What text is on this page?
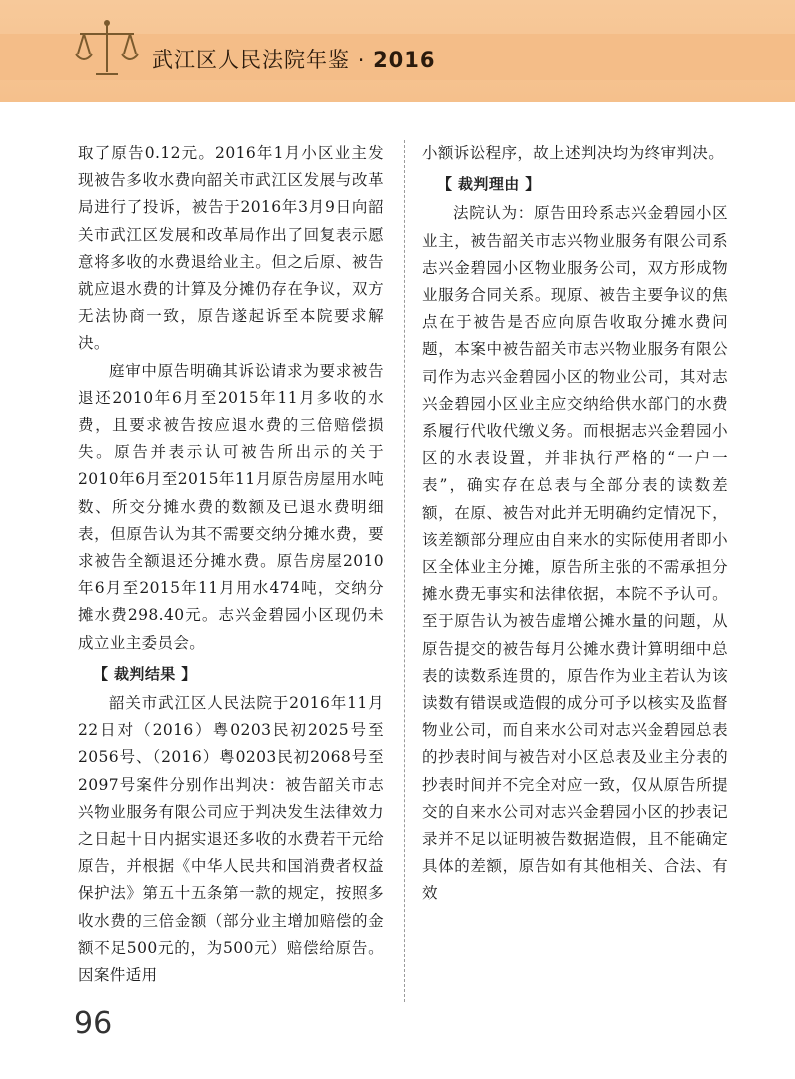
武江区人民法院年鉴 · 2016

取了原告0.12元。2016年1月小区业主发现被告多收水费向韶关市武江区发展与改革局进行了投诉，被告于2016年3月9日向韶关市武江区发展和改革局作出了回复表示愿意将多收的水费退给业主。但之后原、被告就应退水费的计算及分摊仍存在争议，双方无法协商一致，原告遂起诉至本院要求解决。

庭审中原告明确其诉讼请求为要求被告退还2010年6月至2015年11月多收的水费，且要求被告按应退水费的三倍赔偿损失。原告并表示认可被告所出示的关于2010年6月至2015年11月原告房屋用水吨数、所交分摊水费的数额及已退水费明细表，但原告认为其不需要交纳分摊水费，要求被告全额退还分摊水费。原告房屋2010年6月至2015年11月用水474吨，交纳分摊水费298.40元。志兴金碧园小区现仍未成立业主委员会。

【 裁判结果 】

韶关市武江区人民法院于2016年11月22日对（2016）粤0203民初2025号至2056号、（2016）粤0203民初2068号至2097号案件分别作出判决：被告韶关市志兴物业服务有限公司应于判决发生法律效力之日起十日内据实退还多收的水费若干元给原告，并根据《中华人民共和国消费者权益保护法》第五十五条第一款的规定，按照多收水费的三倍金额（部分业主增加赔偿的金额不足500元的，为500元）赔偿给原告。因案件适用

小额诉讼程序，故上述判决均为终审判决。

【 裁判理由 】

法院认为：原告田玲系志兴金碧园小区业主，被告韶关市志兴物业服务有限公司系志兴金碧园小区物业服务公司，双方形成物业服务合同关系。现原、被告主要争议的焦点在于被告是否应向原告收取分摊水费问题，本案中被告韶关市志兴物业服务有限公司作为志兴金碧园小区的物业公司，其对志兴金碧园小区业主应交纳给供水部门的水费系履行代收代缴义务。而根据志兴金碧园小区的水表设置，并非执行严格的“一户一表”，确实存在总表与全部分表的读数差额，在原、被告对此并无明确约定情况下，该差额部分理应由自来水的实际使用者即小区全体业主分摊，原告所主张的不需承担分摊水费无事实和法律依据，本院不予认可。至于原告认为被告虚增公摊水量的问题，从原告提交的被告每月公摊水费计算明细中总表的读数系连贯的，原告作为业主若认为该读数有错误或造假的成分可予以核实及监督物业公司，而自来水公司对志兴金碧园总表的抄表时间与被告对小区总表及业主分表的抄表时间并不完全对应一致，仅从原告所提交的自来水公司对志兴金碧园小区的抄表记录并不足以证明被告数据造假，且不能确定具体的差额，原告如有其他相关、合法、有效

96
